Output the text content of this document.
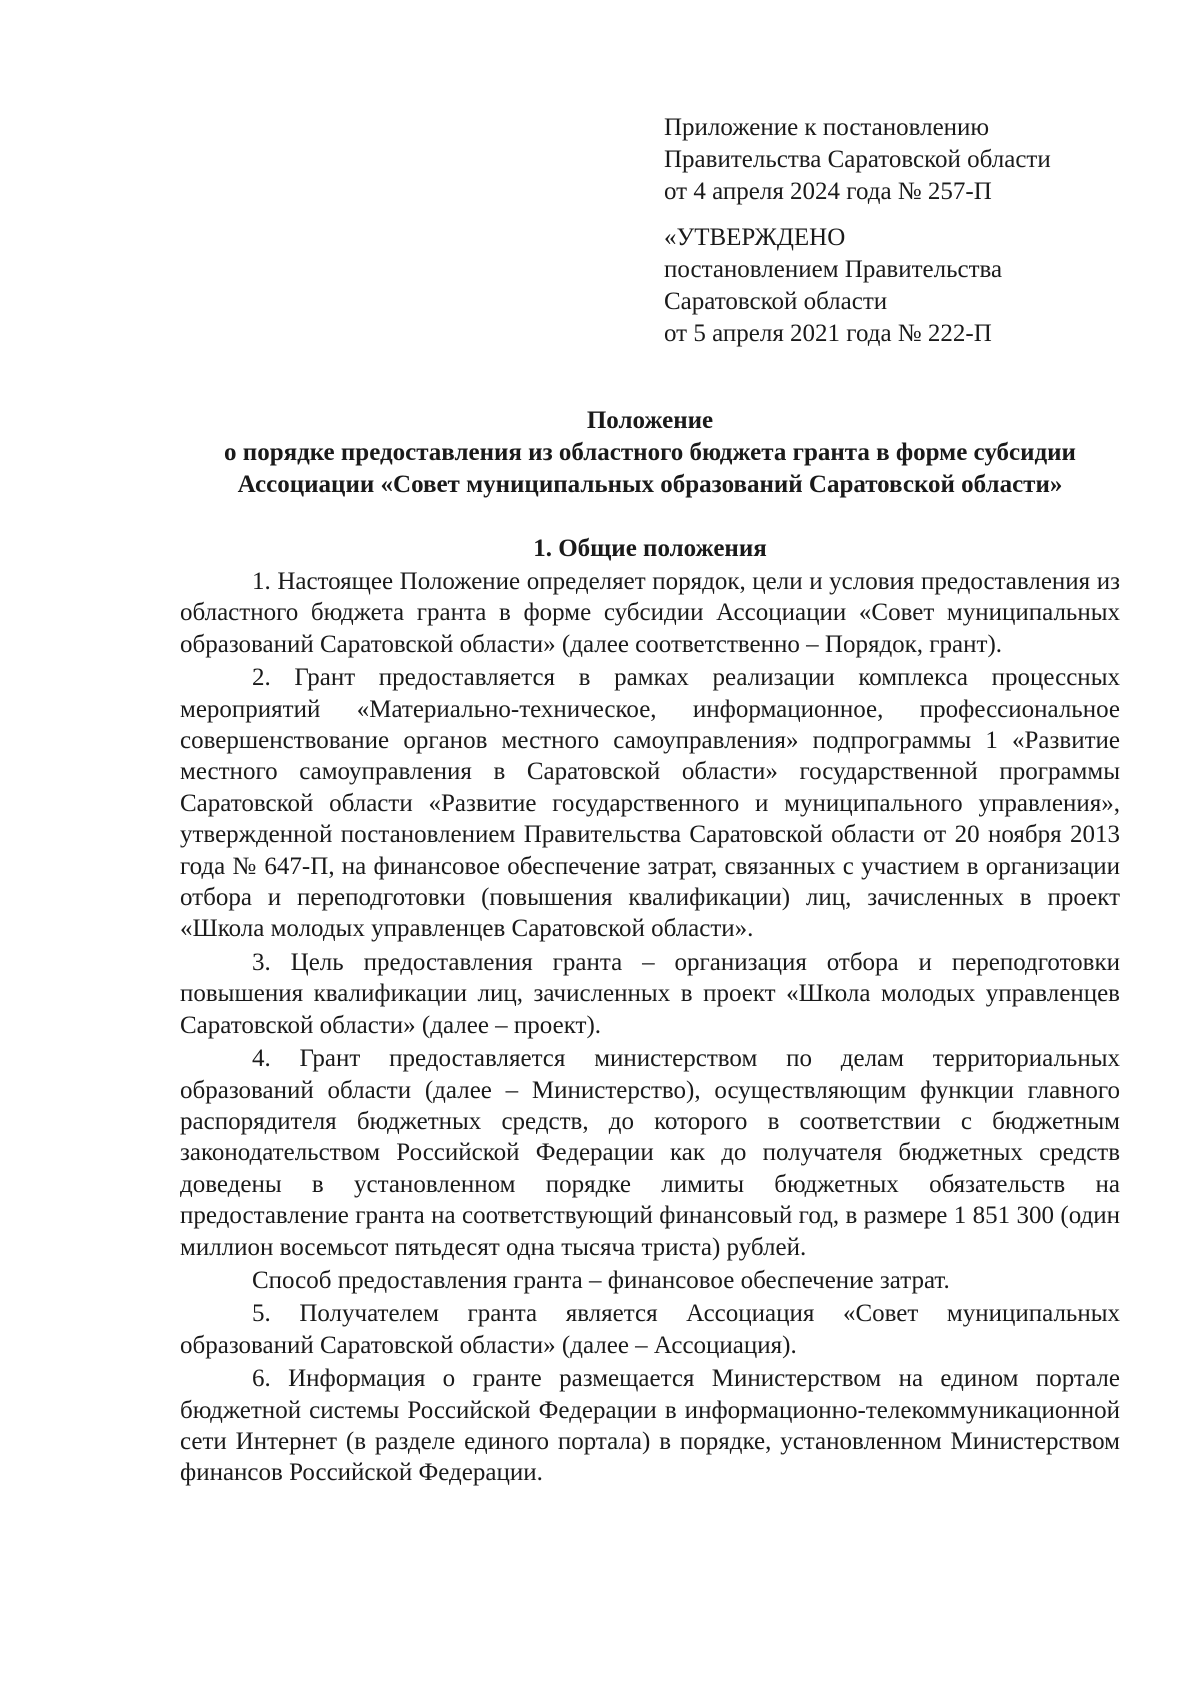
Приложение к постановлению
Правительства Саратовской области
от 4 апреля 2024 года № 257-П
«УТВЕРЖДЕНО
постановлением Правительства
Саратовской области
от 5 апреля 2021 года № 222-П
Положение
о порядке предоставления из областного бюджета гранта в форме субсидии
Ассоциации «Совет муниципальных образований Саратовской области»
1. Общие положения

1. Настоящее Положение определяет порядок, цели и условия предоставления из областного бюджета гранта в форме субсидии Ассоциации «Совет муниципальных образований Саратовской области» (далее соответственно – Порядок, грант).

2. Грант предоставляется в рамках реализации комплекса процессных мероприятий «Материально-техническое, информационное, профессиональное совершенствование органов местного самоуправления» подпрограммы 1 «Развитие местного самоуправления в Саратовской области» государственной программы Саратовской области «Развитие государственного и муниципального управления», утвержденной постановлением Правительства Саратовской области от 20 ноября 2013 года № 647-П, на финансовое обеспечение затрат, связанных с участием в организации отбора и переподготовки (повышения квалификации) лиц, зачисленных в проект «Школа молодых управленцев Саратовской области».

3. Цель предоставления гранта – организация отбора и переподготовки повышения квалификации лиц, зачисленных в проект «Школа молодых управленцев Саратовской области» (далее – проект).

4. Грант предоставляется министерством по делам территориальных образований области (далее – Министерство), осуществляющим функции главного распорядителя бюджетных средств, до которого в соответствии с бюджетным законодательством Российской Федерации как до получателя бюджетных средств доведены в установленном порядке лимиты бюджетных обязательств на предоставление гранта на соответствующий финансовый год, в размере 1 851 300 (один миллион восемьсот пятьдесят одна тысяча триста) рублей.

Способ предоставления гранта – финансовое обеспечение затрат.

5. Получателем гранта является Ассоциация «Совет муниципальных образований Саратовской области» (далее – Ассоциация).

6. Информация о гранте размещается Министерством на едином портале бюджетной системы Российской Федерации в информационно-телекоммуникационной сети Интернет (в разделе единого портала) в порядке, установленном Министерством финансов Российской Федерации.
